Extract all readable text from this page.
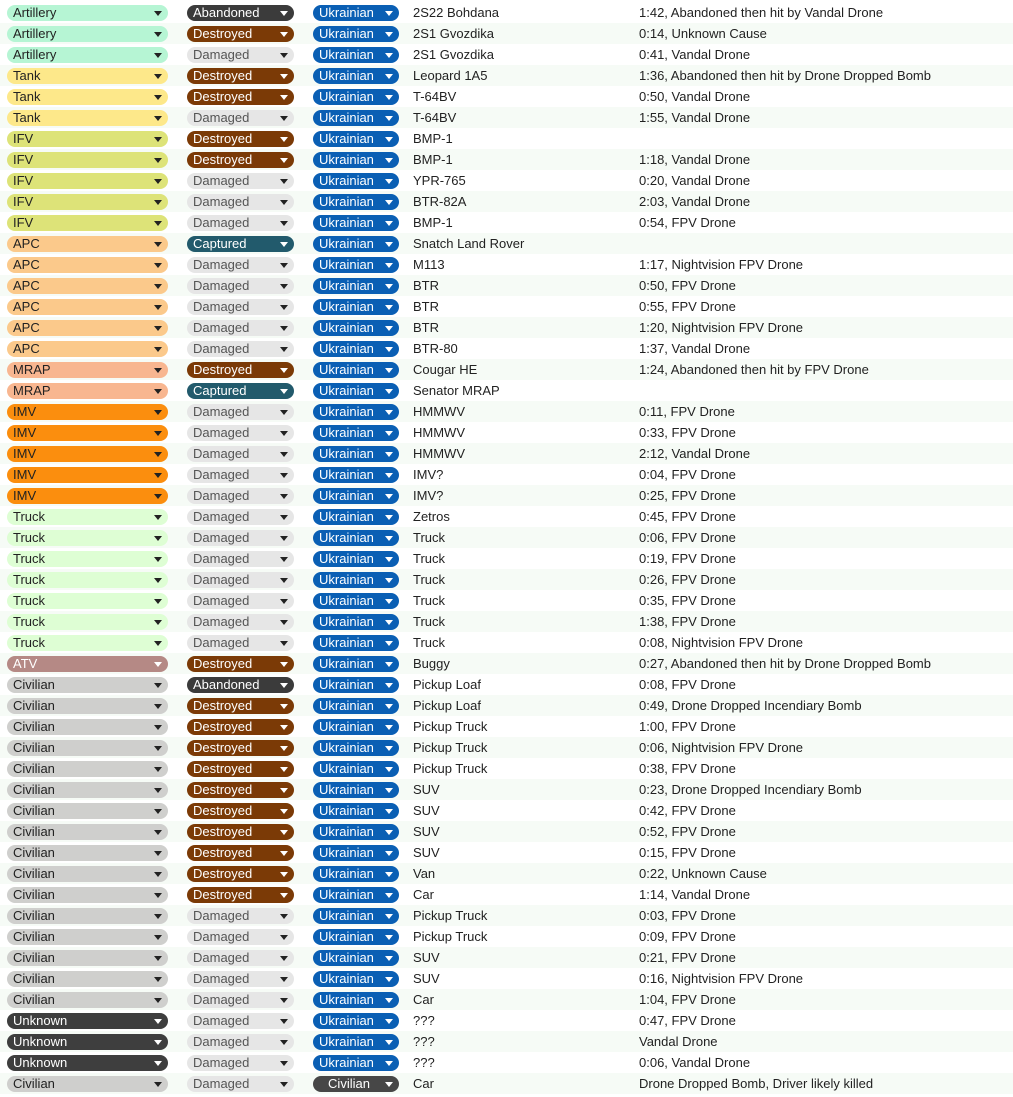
Artillery	Abandoned	Ukrainian	2S22 Bohdana	1:42, Abandoned then hit by Vandal Drone
Artillery	Destroyed	Ukrainian	2S1 Gvozdika	0:14, Unknown Cause
Artillery	Damaged	Ukrainian	2S1 Gvozdika	0:41, Vandal Drone
Tank	Destroyed	Ukrainian	Leopard 1A5	1:36, Abandoned then hit by Drone Dropped Bomb
Tank	Destroyed	Ukrainian	T-64BV	0:50, Vandal Drone
Tank	Damaged	Ukrainian	T-64BV	1:55, Vandal Drone
IFV	Destroyed	Ukrainian	BMP-1
IFV	Destroyed	Ukrainian	BMP-1	1:18, Vandal Drone
IFV	Damaged	Ukrainian	YPR-765	0:20, Vandal Drone
IFV	Damaged	Ukrainian	BTR-82A	2:03, Vandal Drone
IFV	Damaged	Ukrainian	BMP-1	0:54, FPV Drone
APC	Captured	Ukrainian	Snatch Land Rover
APC	Damaged	Ukrainian	M113	1:17, Nightvision FPV Drone
APC	Damaged	Ukrainian	BTR	0:50, FPV Drone
APC	Damaged	Ukrainian	BTR	0:55, FPV Drone
APC	Damaged	Ukrainian	BTR	1:20, Nightvision FPV Drone
APC	Damaged	Ukrainian	BTR-80	1:37, Vandal Drone
MRAP	Destroyed	Ukrainian	Cougar HE	1:24, Abandoned then hit by FPV Drone
MRAP	Captured	Ukrainian	Senator MRAP
IMV	Damaged	Ukrainian	HMMWV	0:11, FPV Drone
IMV	Damaged	Ukrainian	HMMWV	0:33, FPV Drone
IMV	Damaged	Ukrainian	HMMWV	2:12, Vandal Drone
IMV	Damaged	Ukrainian	IMV?	0:04, FPV Drone
IMV	Damaged	Ukrainian	IMV?	0:25, FPV Drone
Truck	Damaged	Ukrainian	Zetros	0:45, FPV Drone
Truck	Damaged	Ukrainian	Truck	0:06, FPV Drone
Truck	Damaged	Ukrainian	Truck	0:19, FPV Drone
Truck	Damaged	Ukrainian	Truck	0:26, FPV Drone
Truck	Damaged	Ukrainian	Truck	0:35, FPV Drone
Truck	Damaged	Ukrainian	Truck	1:38, FPV Drone
Truck	Damaged	Ukrainian	Truck	0:08, Nightvision FPV Drone
ATV	Destroyed	Ukrainian	Buggy	0:27, Abandoned then hit by Drone Dropped Bomb
Civilian	Abandoned	Ukrainian	Pickup Loaf	0:08, FPV Drone
Civilian	Destroyed	Ukrainian	Pickup Loaf	0:49, Drone Dropped Incendiary Bomb
Civilian	Destroyed	Ukrainian	Pickup Truck	1:00, FPV Drone
Civilian	Destroyed	Ukrainian	Pickup Truck	0:06, Nightvision FPV Drone
Civilian	Destroyed	Ukrainian	Pickup Truck	0:38, FPV Drone
Civilian	Destroyed	Ukrainian	SUV	0:23, Drone Dropped Incendiary Bomb
Civilian	Destroyed	Ukrainian	SUV	0:42, FPV Drone
Civilian	Destroyed	Ukrainian	SUV	0:52, FPV Drone
Civilian	Destroyed	Ukrainian	SUV	0:15, FPV Drone
Civilian	Destroyed	Ukrainian	Van	0:22, Unknown Cause
Civilian	Destroyed	Ukrainian	Car	1:14, Vandal Drone
Civilian	Damaged	Ukrainian	Pickup Truck	0:03, FPV Drone
Civilian	Damaged	Ukrainian	Pickup Truck	0:09, FPV Drone
Civilian	Damaged	Ukrainian	SUV	0:21, FPV Drone
Civilian	Damaged	Ukrainian	SUV	0:16, Nightvision FPV Drone
Civilian	Damaged	Ukrainian	Car	1:04, FPV Drone
Unknown	Damaged	Ukrainian	???	0:47, FPV Drone
Unknown	Damaged	Ukrainian	???	Vandal Drone
Unknown	Damaged	Ukrainian	???	0:06, Vandal Drone
Civilian	Damaged	Civilian	Car	Drone Dropped Bomb, Driver likely killed
